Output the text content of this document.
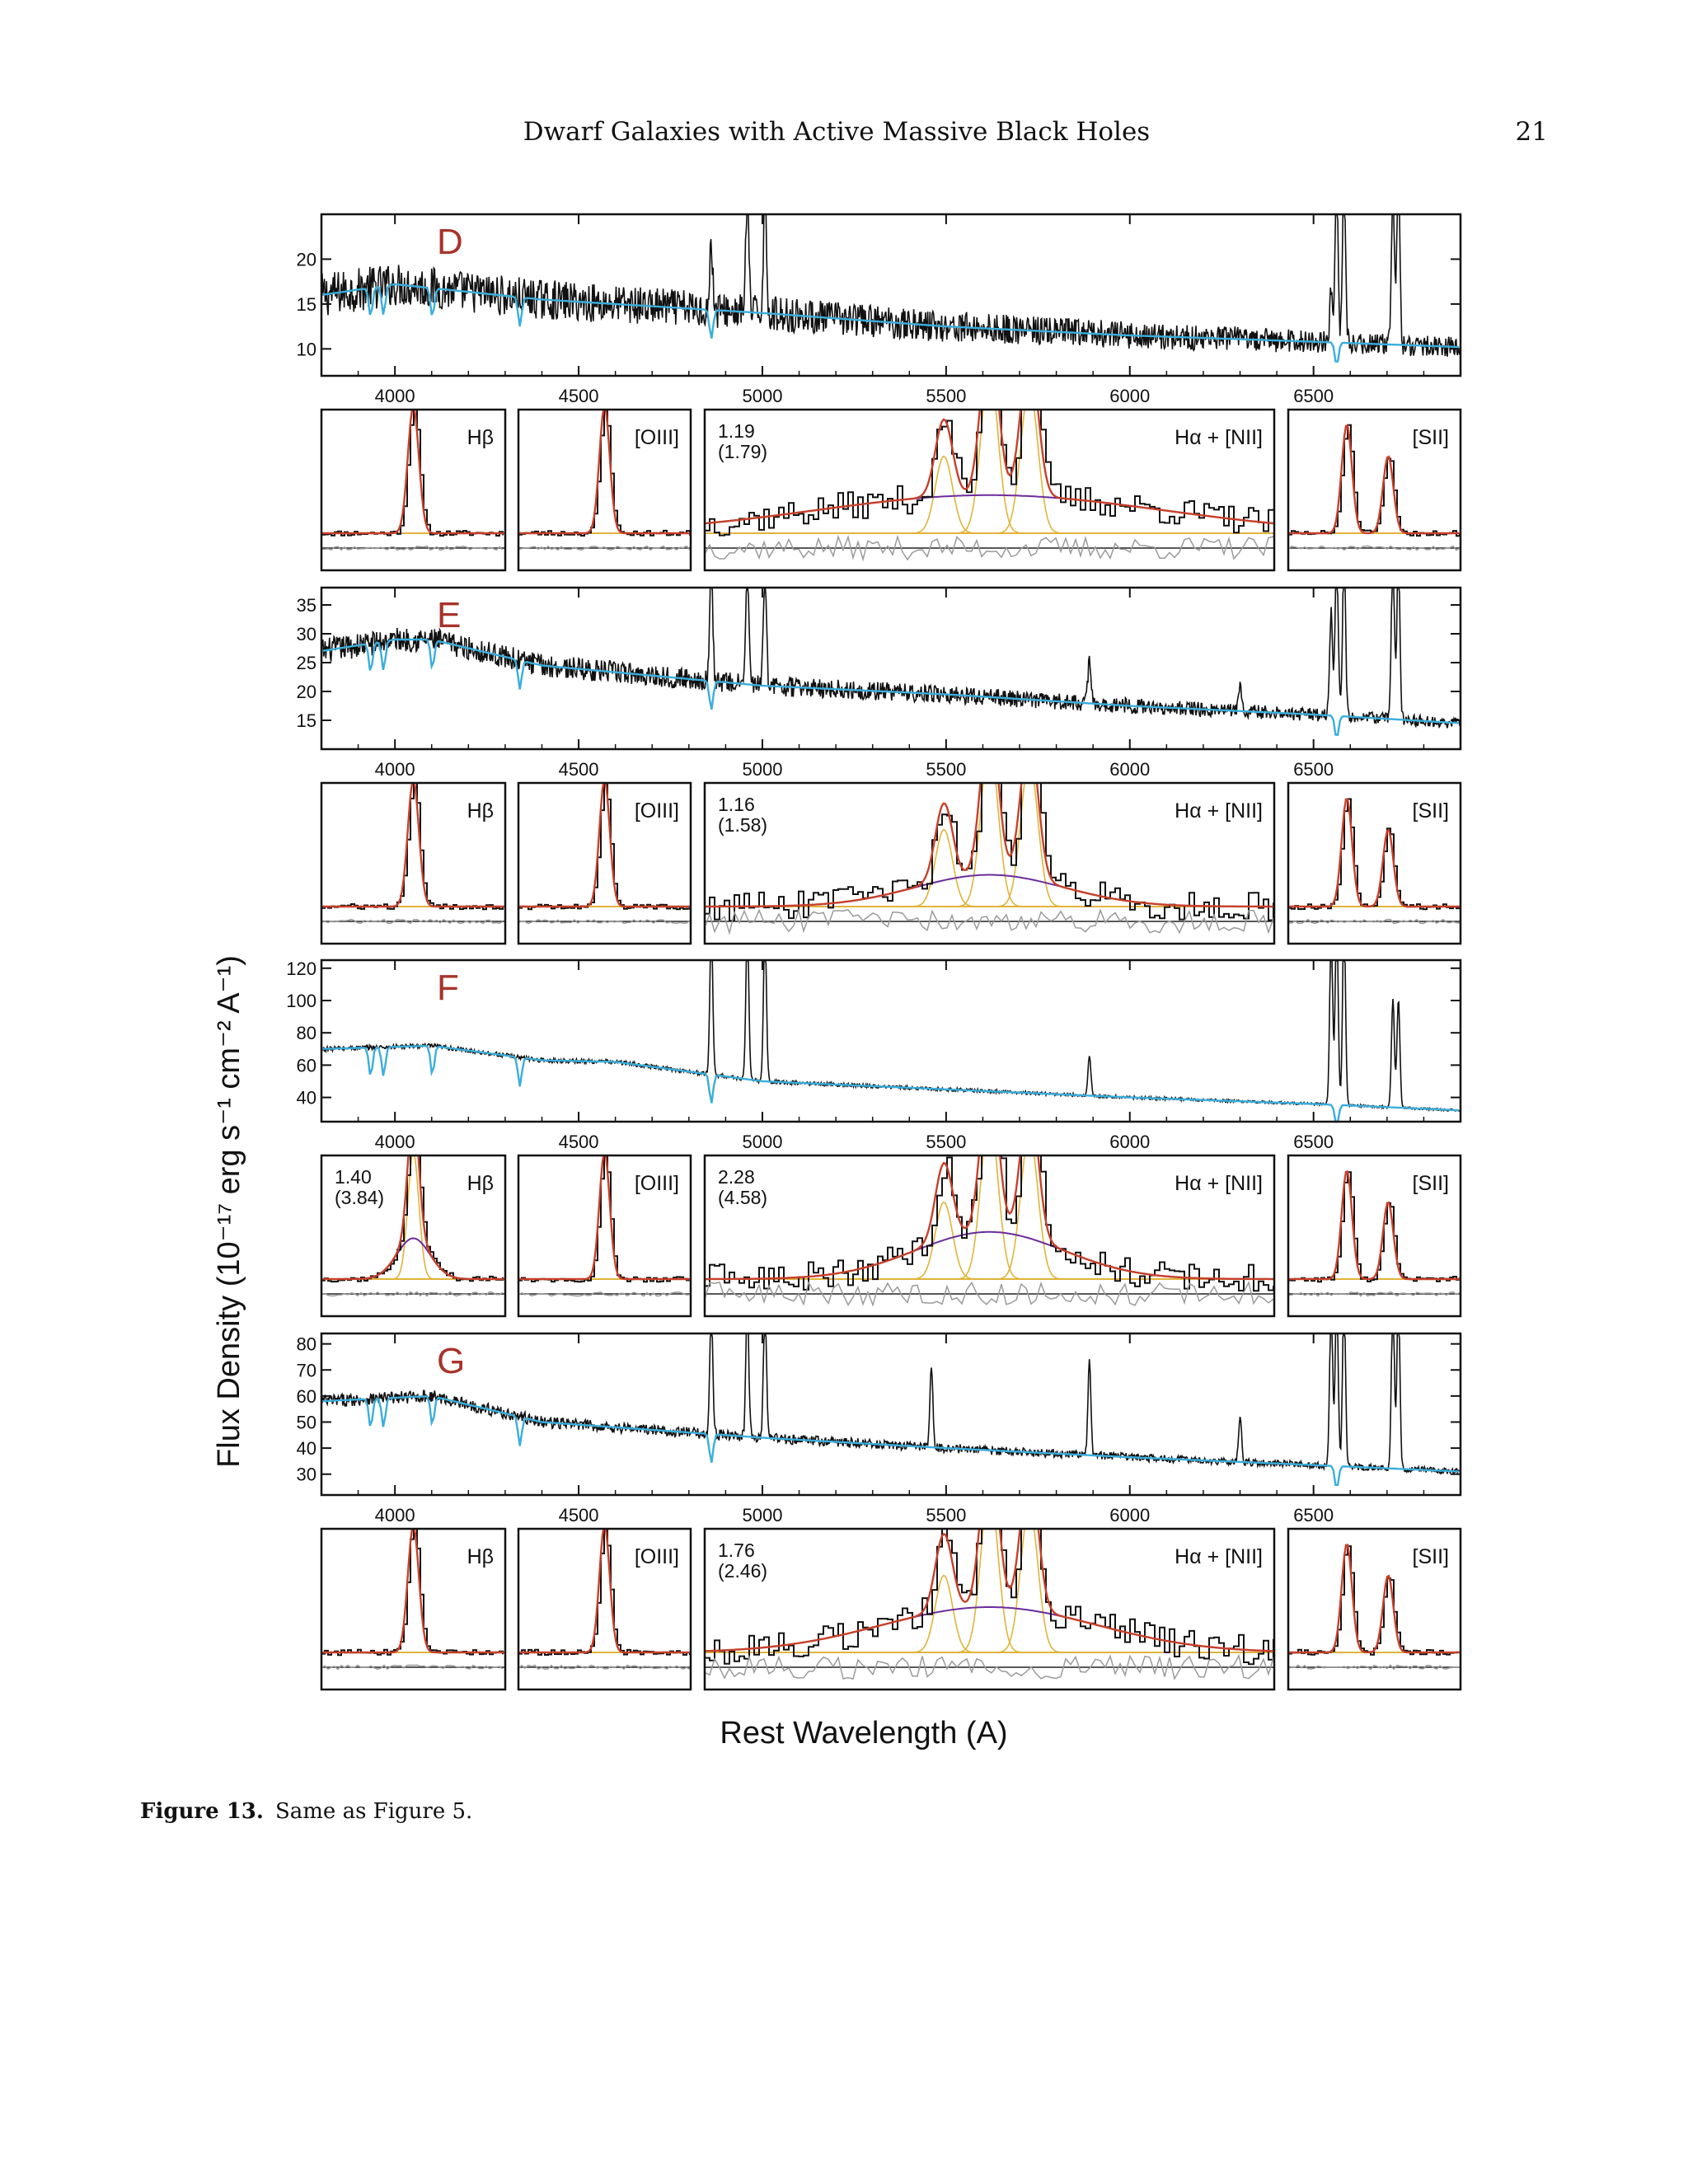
Dwarf Galaxies with Active Massive Black Holes	21
Flux Density (10⁻¹⁷ erg s⁻¹ cm⁻² A⁻¹)
Rest Wavelength (A)
D
4000	4500	5000	5500	6000	6500
10
15
20
Hβ	[OIII]	Hα + [NII]
1.19
(1.79)
[SII]
E
4000	4500	5000	5500	6000	6500
15
20
25
30
35
Hβ	[OIII]	Hα + [NII]
1.16
(1.58)
[SII]
F
4000	4500	5000	5500	6000	6500
40
60
80
100
120
Hβ
1.40
(3.84)
[OIII]	Hα + [NII]
2.28
(4.58)
[SII]
G
4000	4500	5000	5500	6000	6500
30
40
50
60
70
80
Hβ	[OIII]	Hα + [NII]
1.76
(2.46)
[SII]
Figure 13. Same as Figure 5.
